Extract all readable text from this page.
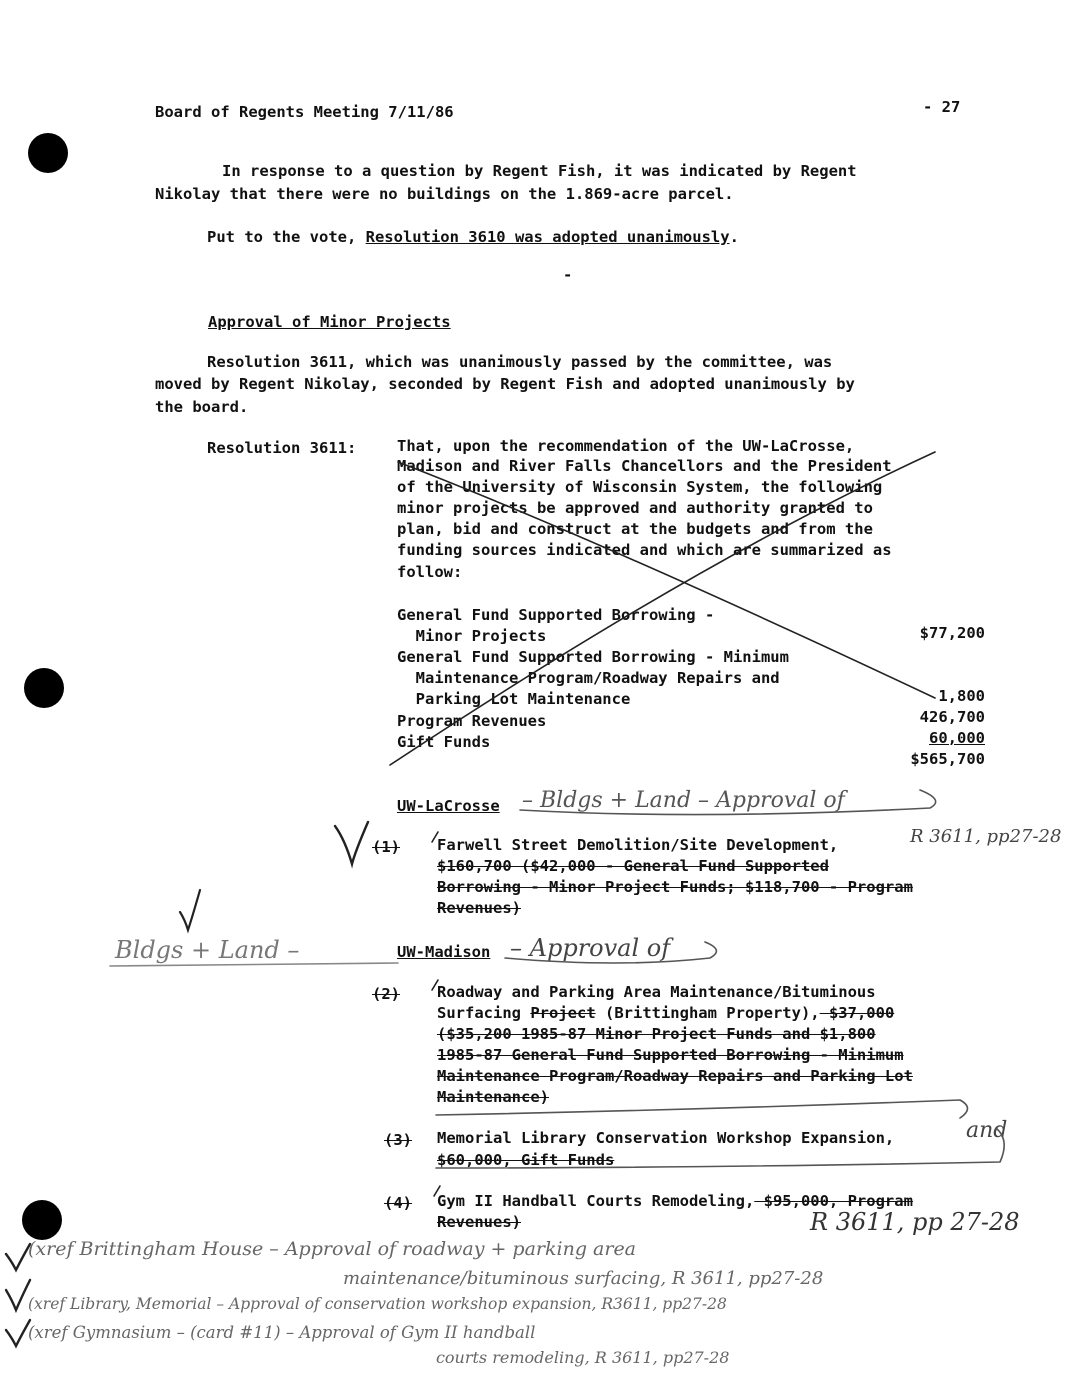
Board of Regents Meeting 7/11/86	- 27
In response to a question by Regent Fish, it was indicated by Regent
Nikolay that there were no buildings on the 1.869-acre parcel.
Put to the vote, Resolution 3610 was adopted unanimously.
-
Approval of Minor Projects
Resolution 3611, which was unanimously passed by the committee, was
moved by Regent Nikolay, seconded by Regent Fish and adopted unanimously by
the board.
Resolution 3611:	That, upon the recommendation of the UW-LaCrosse,
Madison and River Falls Chancellors and the President
of the University of Wisconsin System, the following
minor projects be approved and authority granted to
plan, bid and construct at the budgets and from the
funding sources indicated and which are summarized as
follow:
General Fund Supported Borrowing -
Minor Projects	$77,200
General Fund Supported Borrowing - Minimum
Maintenance Program/Roadway Repairs and
Parking Lot Maintenance	1,800
Program Revenues	426,700
Gift Funds	60,000
$565,700
UW-LaCrosse – Bldgs + Land – Approval of
(1) Farwell Street Demolition/Site Development,	R 3611, pp27-28
$160,700 ($42,000 - General Fund Supported
Borrowing - Minor Project Funds; $118,700 - Program
Revenues)
Bldgs + Land –	UW-Madison – Approval of
(2) Roadway and Parking Area Maintenance/Bituminous
Surfacing Project (Brittingham Property), $37,000
($35,200 1985-87 Minor Project Funds and $1,800
1985-87 General Fund Supported Borrowing - Minimum
Maintenance Program/Roadway Repairs and Parking Lot
Maintenance)
(3) Memorial Library Conservation Workshop Expansion,	and
$60,000, Gift Funds
(4) Gym II Handball Courts Remodeling, $95,000, Program
Revenues)	R 3611, pp 27-28
(xref Brittingham House – Approval of roadway + parking area
maintenance/bituminous surfacing, R 3611, pp27-28
(xref Library, Memorial – Approval of conservation workshop expansion, R3611, pp27-28
(xref Gymnasium – (card #11) – Approval of Gym II handball
courts remodeling, R 3611, pp27-28
